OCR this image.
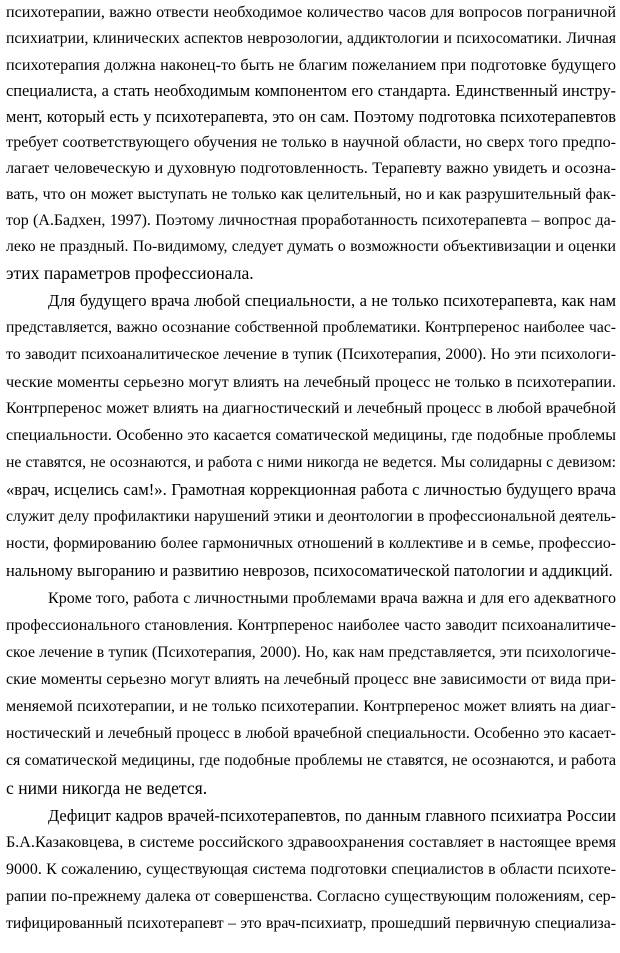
психотерапии, важно отвести необходимое количество часов для вопросов пограничной
психиатрии, клинических аспектов неврозологии, аддиктологии и психосоматики. Личная
психотерапия должна наконец-то быть не благим пожеланием при подготовке будущего
специалиста, а стать необходимым компонентом его стандарта. Единственный инстру-
мент, который есть у психотерапевта, это он сам. Поэтому подготовка психотерапевтов
требует соответствующего обучения не только в научной области, но сверх того предпо-
лагает человеческую и духовную подготовленность. Терапевту важно увидеть и осозна-
вать, что он может выступать не только как целительный, но и как разрушительный фак-
тор (А.Бадхен, 1997). Поэтому личностная проработанность психотерапевта – вопрос да-
леко не праздный. По-видимому, следует думать о возможности объективизации и оценки
этих параметров профессионала.
Для будущего врача любой специальности, а не только психотерапевта, как нам
представляется, важно осознание собственной проблематики. Контрперенос наиболее час-
то заводит психоаналитическое лечение в тупик (Психотерапия, 2000). Но эти психологи-
ческие моменты серьезно могут влиять на лечебный процесс не только в психотерапии.
Контрперенос может влиять на диагностический и лечебный процесс в любой врачебной
специальности. Особенно это касается соматической медицины, где подобные проблемы
не ставятся, не осознаются, и работа с ними никогда не ведется. Мы солидарны с девизом:
«врач, исцелись сам!». Грамотная коррекционная работа с личностью будущего врача
служит делу профилактики нарушений этики и деонтологии в профессиональной деятель-
ности, формированию более гармоничных отношений в коллективе и в семье, профессио-
нальному выгоранию и развитию неврозов, психосоматической патологии и аддикций.
Кроме того, работа с личностными проблемами врача важна и для его адекватного
профессионального становления. Контрперенос наиболее часто заводит психоаналитиче-
ское лечение в тупик (Психотерапия, 2000). Но, как нам представляется, эти психологиче-
ские моменты серьезно могут влиять на лечебный процесс вне зависимости от вида при-
меняемой психотерапии, и не только психотерапии. Контрперенос может влиять на диаг-
ностический и лечебный процесс в любой врачебной специальности. Особенно это касает-
ся соматической медицины, где подобные проблемы не ставятся, не осознаются, и работа
с ними никогда не ведется.
Дефицит кадров врачей-психотерапевтов, по данным главного психиатра России
Б.А.Казаковцева, в системе российского здравоохранения составляет в настоящее время
9000. К сожалению, существующая система подготовки специалистов в области психоте-
рапии по-прежнему далека от совершенства. Согласно существующим положениям, сер-
тифицированный психотерапевт – это врач-психиатр, прошедший первичную специализа-
